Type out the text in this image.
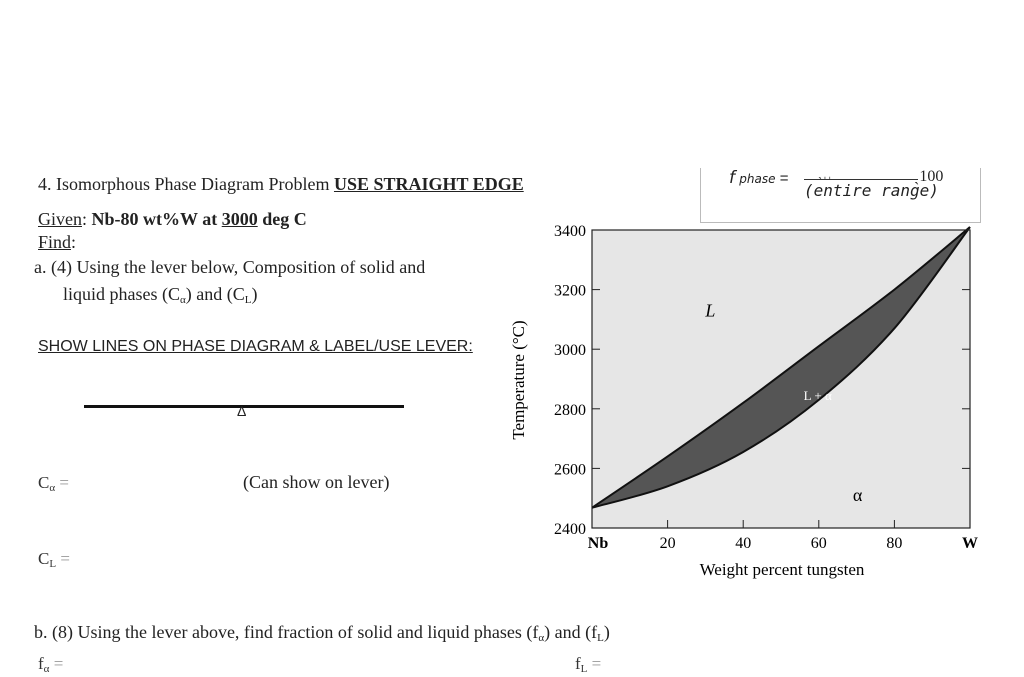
4. Isomorphous Phase Diagram Problem USE STRAIGHT EDGE
Given: Nb-80 wt%W at 3000 deg C
Find:
a. (4) Using the lever below, Composition of solid and
liquid phases $(C_\alpha)$ and $(C_L)$
SHOW LINES ON PHASE DIAGRAM & LABEL/USE LEVER:
Δ
$C_\alpha$ =	(Can show on lever)
$C_L$ =
b. (8) Using the lever above, find fraction of solid and liquid phases $(f_\alpha)$ and $(f_L)$
$f_\alpha$ =	$f_L$ =
f phase = ˎˌˌ
(entire range)
ˏ100
Temperature (°C)
Weight percent tungsten
2400
2600
2800
3000
3200
3400
Nb	20	40	60	80	W
L
L + α
α
